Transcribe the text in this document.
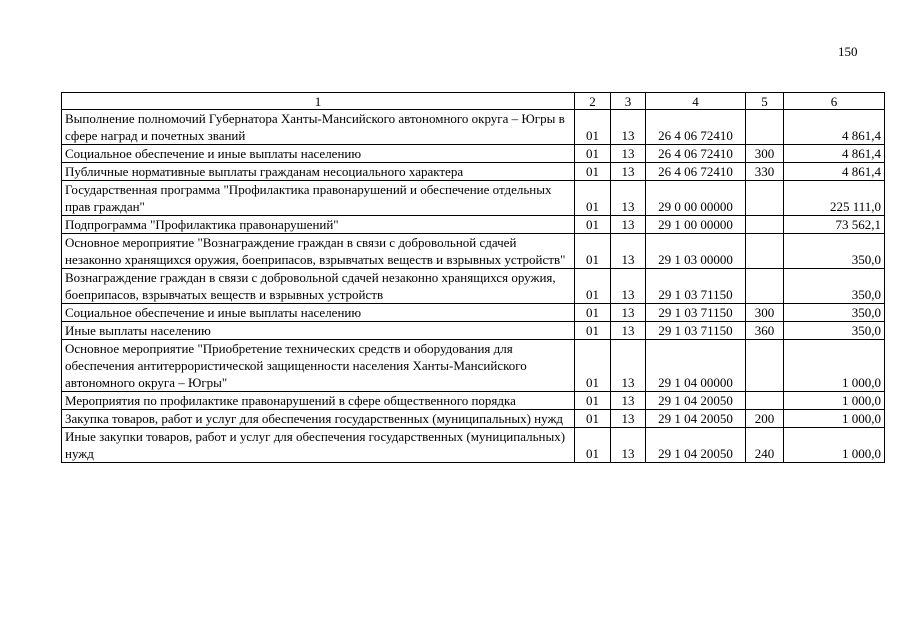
150
1	2	3	4	5	6
Выполнение полномочий Губернатора Ханты-Мансийского автономного округа – Югры в сфере наград и почетных званий	01	13	26 4 06 72410		4 861,4
Социальное обеспечение и иные выплаты населению	01	13	26 4 06 72410	300	4 861,4
Публичные нормативные выплаты гражданам несоциального характера	01	13	26 4 06 72410	330	4 861,4
Государственная программа "Профилактика правонарушений и обеспечение отдельных прав граждан"	01	13	29 0 00 00000		225 111,0
Подпрограмма "Профилактика правонарушений"	01	13	29 1 00 00000		73 562,1
Основное мероприятие "Вознаграждение граждан в связи с добровольной сдачей незаконно хранящихся оружия, боеприпасов, взрывчатых веществ и взрывных устройств"	01	13	29 1 03 00000		350,0
Вознаграждение граждан в связи с добровольной сдачей незаконно хранящихся оружия, боеприпасов, взрывчатых веществ и взрывных устройств	01	13	29 1 03 71150		350,0
Социальное обеспечение и иные выплаты населению	01	13	29 1 03 71150	300	350,0
Иные выплаты населению	01	13	29 1 03 71150	360	350,0
Основное мероприятие "Приобретение технических средств и оборудования для обеспечения антитеррористической защищенности населения Ханты-Мансийского автономного округа – Югры"	01	13	29 1 04 00000		1 000,0
Мероприятия по профилактике правонарушений в сфере общественного порядка	01	13	29 1 04 20050		1 000,0
Закупка товаров, работ и услуг для обеспечения государственных (муниципальных) нужд	01	13	29 1 04 20050	200	1 000,0
Иные закупки товаров, работ и услуг для обеспечения государственных (муниципальных) нужд	01	13	29 1 04 20050	240	1 000,0
